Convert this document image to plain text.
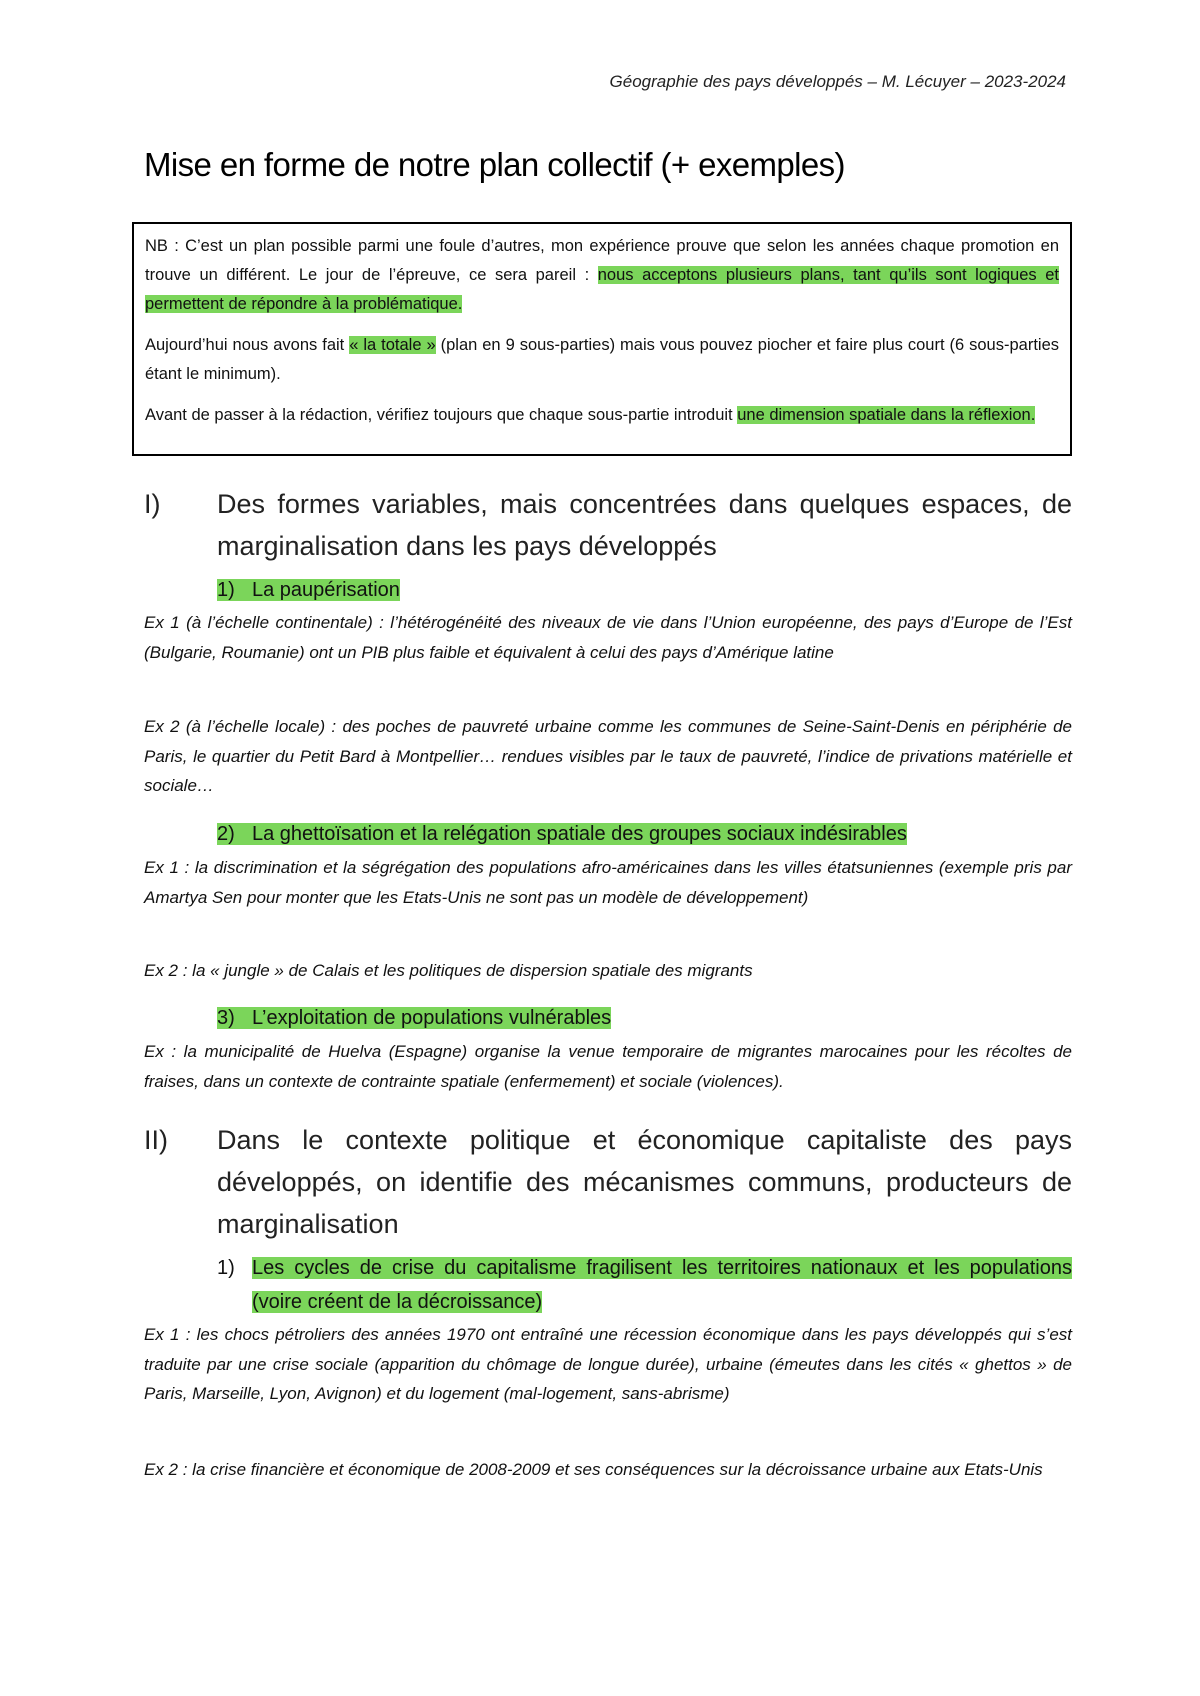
Géographie des pays développés – M. Lécuyer – 2023-2024
Mise en forme de notre plan collectif (+ exemples)

NB : C’est un plan possible parmi une foule d’autres, mon expérience prouve que selon les années chaque promotion en trouve un différent. Le jour de l’épreuve, ce sera pareil : nous acceptons plusieurs plans, tant qu’ils sont logiques et permettent de répondre à la problématique.

Aujourd’hui nous avons fait « la totale » (plan en 9 sous-parties) mais vous pouvez piocher et faire plus court (6 sous-parties étant le minimum).

Avant de passer à la rédaction, vérifiez toujours que chaque sous-partie introduit une dimension spatiale dans la réflexion.

I)	Des formes variables, mais concentrées dans quelques espaces, de marginalisation dans les pays développés
1) La paupérisation
Ex 1 (à l’échelle continentale) : l’hétérogénéité des niveaux de vie dans l’Union européenne, des pays d’Europe de l’Est (Bulgarie, Roumanie) ont un PIB plus faible et équivalent à celui des pays d’Amérique latine
Ex 2 (à l’échelle locale) : des poches de pauvreté urbaine comme les communes de Seine-Saint-Denis en périphérie de Paris, le quartier du Petit Bard à Montpellier… rendues visibles par le taux de pauvreté, l’indice de privations matérielle et sociale…
2) La ghettoïsation et la relégation spatiale des groupes sociaux indésirables
Ex 1 : la discrimination et la ségrégation des populations afro-américaines dans les villes étatsuniennes (exemple pris par Amartya Sen pour monter que les Etats-Unis ne sont pas un modèle de développement)
Ex 2 : la « jungle » de Calais et les politiques de dispersion spatiale des migrants
3) L’exploitation de populations vulnérables
Ex : la municipalité de Huelva (Espagne) organise la venue temporaire de migrantes marocaines pour les récoltes de fraises, dans un contexte de contrainte spatiale (enfermement) et sociale (violences).
II)	Dans le contexte politique et économique capitaliste des pays développés, on identifie des mécanismes communs, producteurs de marginalisation
1) Les cycles de crise du capitalisme fragilisent les territoires nationaux et les populations (voire créent de la décroissance)
Ex 1 : les chocs pétroliers des années 1970 ont entraîné une récession économique dans les pays développés qui s’est traduite par une crise sociale (apparition du chômage de longue durée), urbaine (émeutes dans les cités « ghettos » de Paris, Marseille, Lyon, Avignon) et du logement (mal-logement, sans-abrisme)
Ex 2 : la crise financière et économique de 2008-2009 et ses conséquences sur la décroissance urbaine aux Etats-Unis
